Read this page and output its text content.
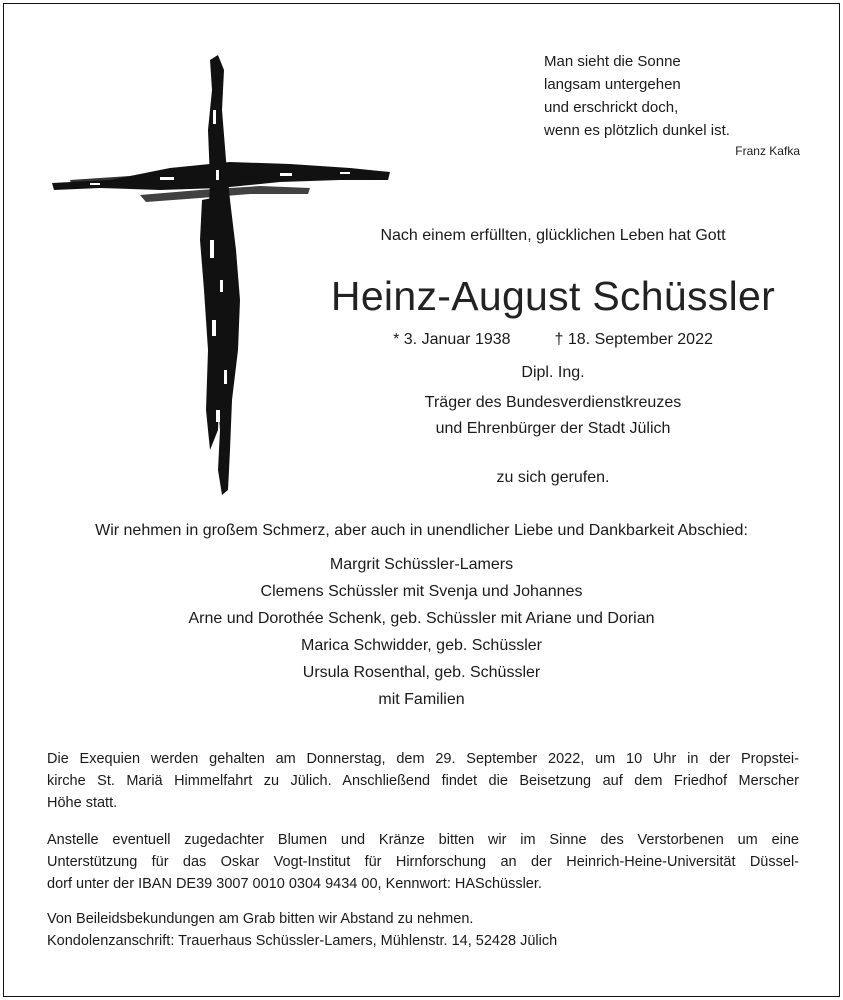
Man sieht die Sonne
langsam untergehen
und erschrickt doch,
wenn es plötzlich dunkel ist.
Franz Kafka
Nach einem erfüllten, glücklichen Leben hat Gott
Heinz-August Schüssler
* 3. Januar 1938	† 18. September 2022
Dipl. Ing.
Träger des Bundesverdienstkreuzes
und Ehrenbürger der Stadt Jülich
zu sich gerufen.
Wir nehmen in großem Schmerz, aber auch in unendlicher Liebe und Dankbarkeit Abschied:
Margrit Schüssler-Lamers
Clemens Schüssler mit Svenja und Johannes
Arne und Dorothée Schenk, geb. Schüssler mit Ariane und Dorian
Marica Schwidder, geb. Schüssler
Ursula Rosenthal, geb. Schüssler
mit Familien
Die Exequien werden gehalten am Donnerstag, dem 29. September 2022, um 10 Uhr in der Propstei-
kirche St. Mariä Himmelfahrt zu Jülich. Anschließend findet die Beisetzung auf dem Friedhof Merscher
Höhe statt.
Anstelle eventuell zugedachter Blumen und Kränze bitten wir im Sinne des Verstorbenen um eine
Unterstützung für das Oskar Vogt-Institut für Hirnforschung an der Heinrich-Heine-Universität Düssel-
dorf unter der IBAN DE39 3007 0010 0304 9434 00, Kennwort: HASchüssler.
Von Beileidsbekundungen am Grab bitten wir Abstand zu nehmen.
Kondolenzanschrift: Trauerhaus Schüssler-Lamers, Mühlenstr. 14, 52428 Jülich
